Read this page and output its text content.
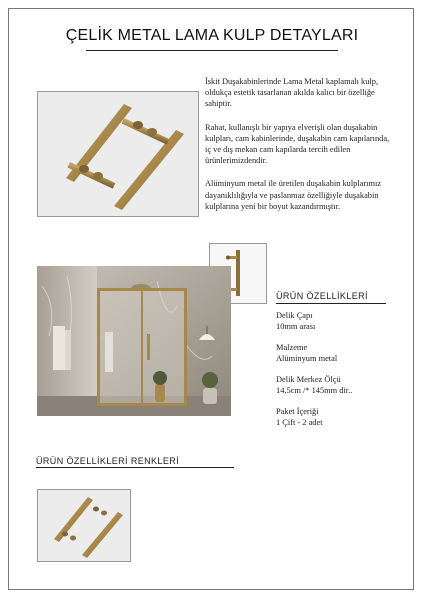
ÇELİK METAL LAMA KULP DETAYLARI

İskit Duşakabinlerinde Lama Metal kaplamalı kulp, oldukça estetik tasarlanan akılda kalıcı bir özelliğe sahiptir.

Rahat, kullanışlı bir yapıya elverişli olan duşakabin kulpları, cam kabinlerinde, duşakabin cam kapılarında, iç ve dış mekan cam kapılarda tercih edilen ürünlerimizdendir.

Alüminyum metal ile üretilen duşakabin kulplarımız dayanıklılığıyla ve paslanmaz özelliğiyle duşakabin kulplarına yeni bir boyut kazandırmıştır.

ÜRÜN ÖZELLİKLERİ
Delik Çapı
10mm arası
Malzeme
Alüminyum metal
Delik Merkez Ölçü
14,5cm /* 145mm dir..
Paket İçeriği
1 Çift - 2 adet
ÜRÜN ÖZELLİKLERİ RENKLERİ
